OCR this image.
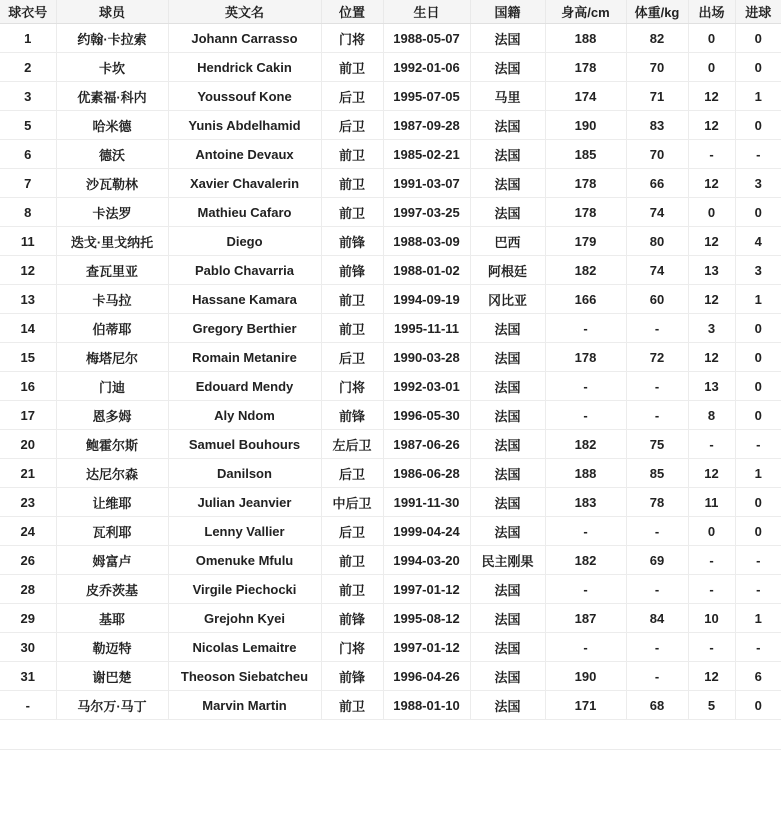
球衣号	球员	英文名	位置	生日	国籍	身高/cm	体重/kg	出场	进球
1	约翰·卡拉索	Johann Carrasso	门将	1988-05-07	法国	188	82	0	0
2	卡坎	Hendrick Cakin	前卫	1992-01-06	法国	178	70	0	0
3	优素福·科内	Youssouf Kone	后卫	1995-07-05	马里	174	71	12	1
5	哈米德	Yunis Abdelhamid	后卫	1987-09-28	法国	190	83	12	0
6	德沃	Antoine Devaux	前卫	1985-02-21	法国	185	70	-	-
7	沙瓦勒林	Xavier Chavalerin	前卫	1991-03-07	法国	178	66	12	3
8	卡法罗	Mathieu Cafaro	前卫	1997-03-25	法国	178	74	0	0
11	迭戈·里戈纳托	Diego	前锋	1988-03-09	巴西	179	80	12	4
12	查瓦里亚	Pablo Chavarria	前锋	1988-01-02	阿根廷	182	74	13	3
13	卡马拉	Hassane Kamara	前卫	1994-09-19	冈比亚	166	60	12	1
14	伯蒂耶	Gregory Berthier	前卫	1995-11-11	法国	-	-	3	0
15	梅塔尼尔	Romain Metanire	后卫	1990-03-28	法国	178	72	12	0
16	门迪	Edouard Mendy	门将	1992-03-01	法国	-	-	13	0
17	恩多姆	Aly Ndom	前锋	1996-05-30	法国	-	-	8	0
20	鲍霍尔斯	Samuel Bouhours	左后卫	1987-06-26	法国	182	75	-	-
21	达尼尔森	Danilson	后卫	1986-06-28	法国	188	85	12	1
23	让维耶	Julian Jeanvier	中后卫	1991-11-30	法国	183	78	11	0
24	瓦利耶	Lenny Vallier	后卫	1999-04-24	法国	-	-	0	0
26	姆富卢	Omenuke Mfulu	前卫	1994-03-20	民主刚果	182	69	-	-
28	皮乔茨基	Virgile Piechocki	前卫	1997-01-12	法国	-	-	-	-
29	基耶	Grejohn Kyei	前锋	1995-08-12	法国	187	84	10	1
30	勒迈特	Nicolas Lemaitre	门将	1997-01-12	法国	-	-	-	-
31	谢巴楚	Theoson Siebatcheu	前锋	1996-04-26	法国	190	-	12	6
-	马尔万·马丁	Marvin Martin	前卫	1988-01-10	法国	171	68	5	0
